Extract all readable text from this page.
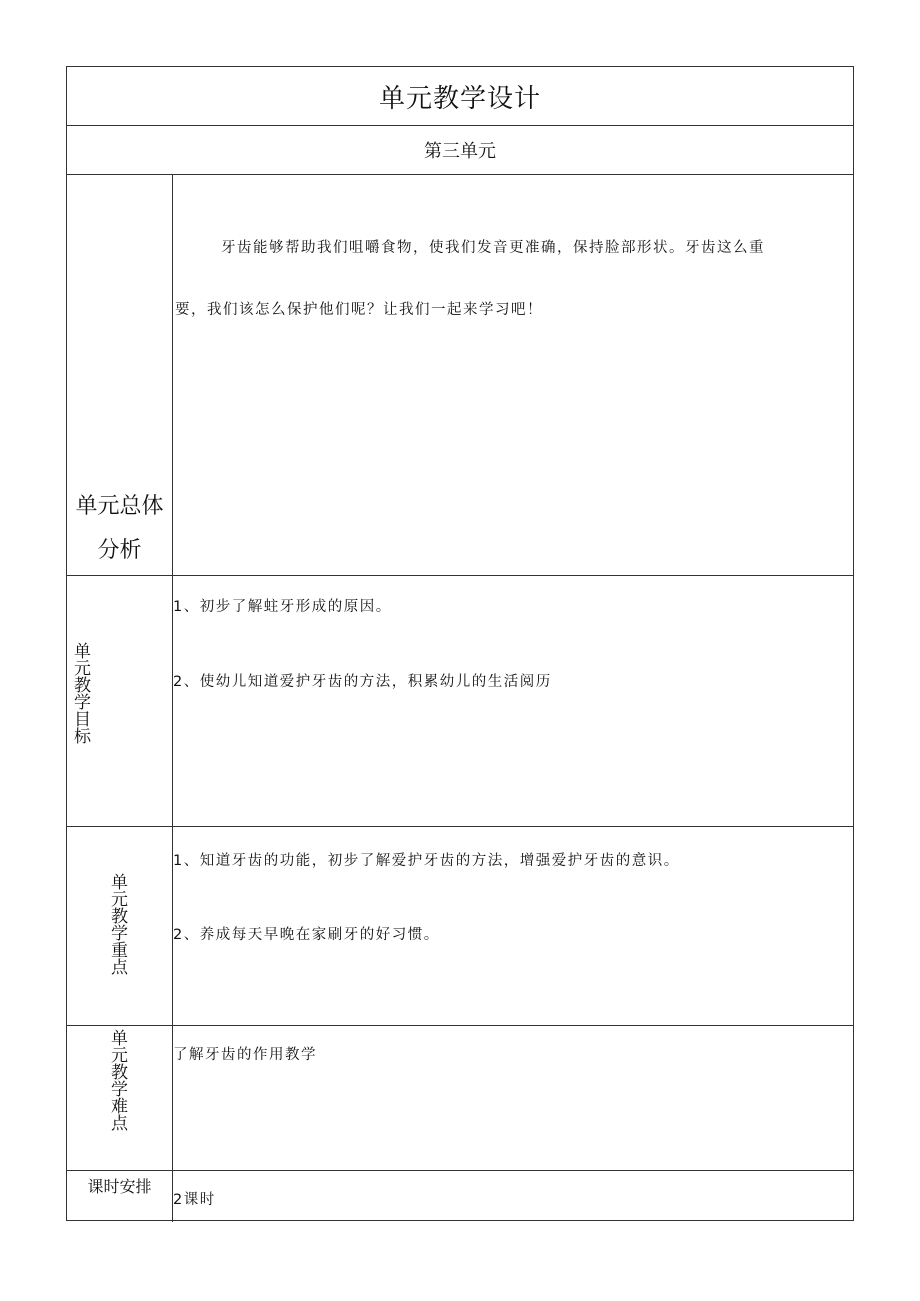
单元教学设计
第三单元
单元总体
分析
牙齿能够帮助我们咀嚼食物，使我们发音更准确，保持脸部形状。牙齿这么重要，我们该怎么保护他们呢？让我们一起来学习吧！
单元教学目标
1、初步了解蛀牙形成的原因。
2、使幼儿知道爱护牙齿的方法，积累幼儿的生活阅历
单元教学重点
1、知道牙齿的功能，初步了解爱护牙齿的方法，增强爱护牙齿的意识。
2、养成每天早晚在家刷牙的好习惯。
单元教学难点	了解牙齿的作用教学
课时安排
2课时
